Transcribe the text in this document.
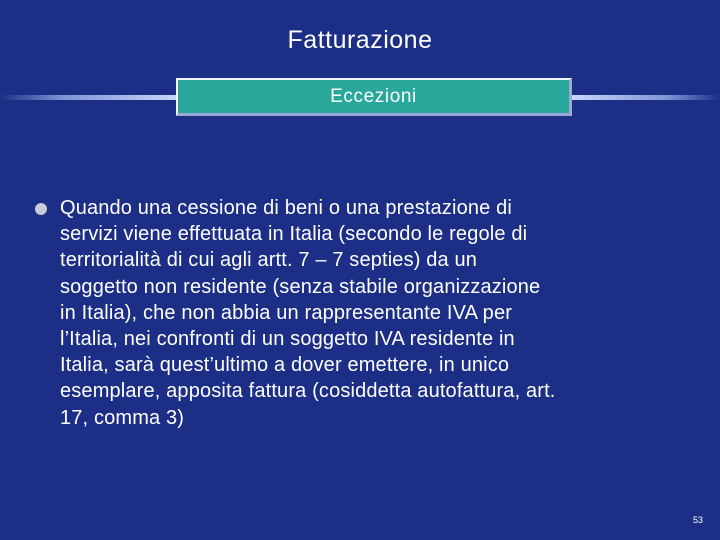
Fatturazione
Eccezioni
Quando una cessione di beni o una prestazione di
servizi viene effettuata in Italia (secondo le regole di
territorialità di cui agli artt. 7 – 7 septies) da un
soggetto non residente (senza stabile organizzazione
in Italia), che non abbia un rappresentante IVA per
l’Italia, nei confronti di un soggetto IVA residente in
Italia, sarà quest’ultimo a dover emettere, in unico
esemplare, apposita fattura (cosiddetta autofattura, art.
17, comma 3)
53
